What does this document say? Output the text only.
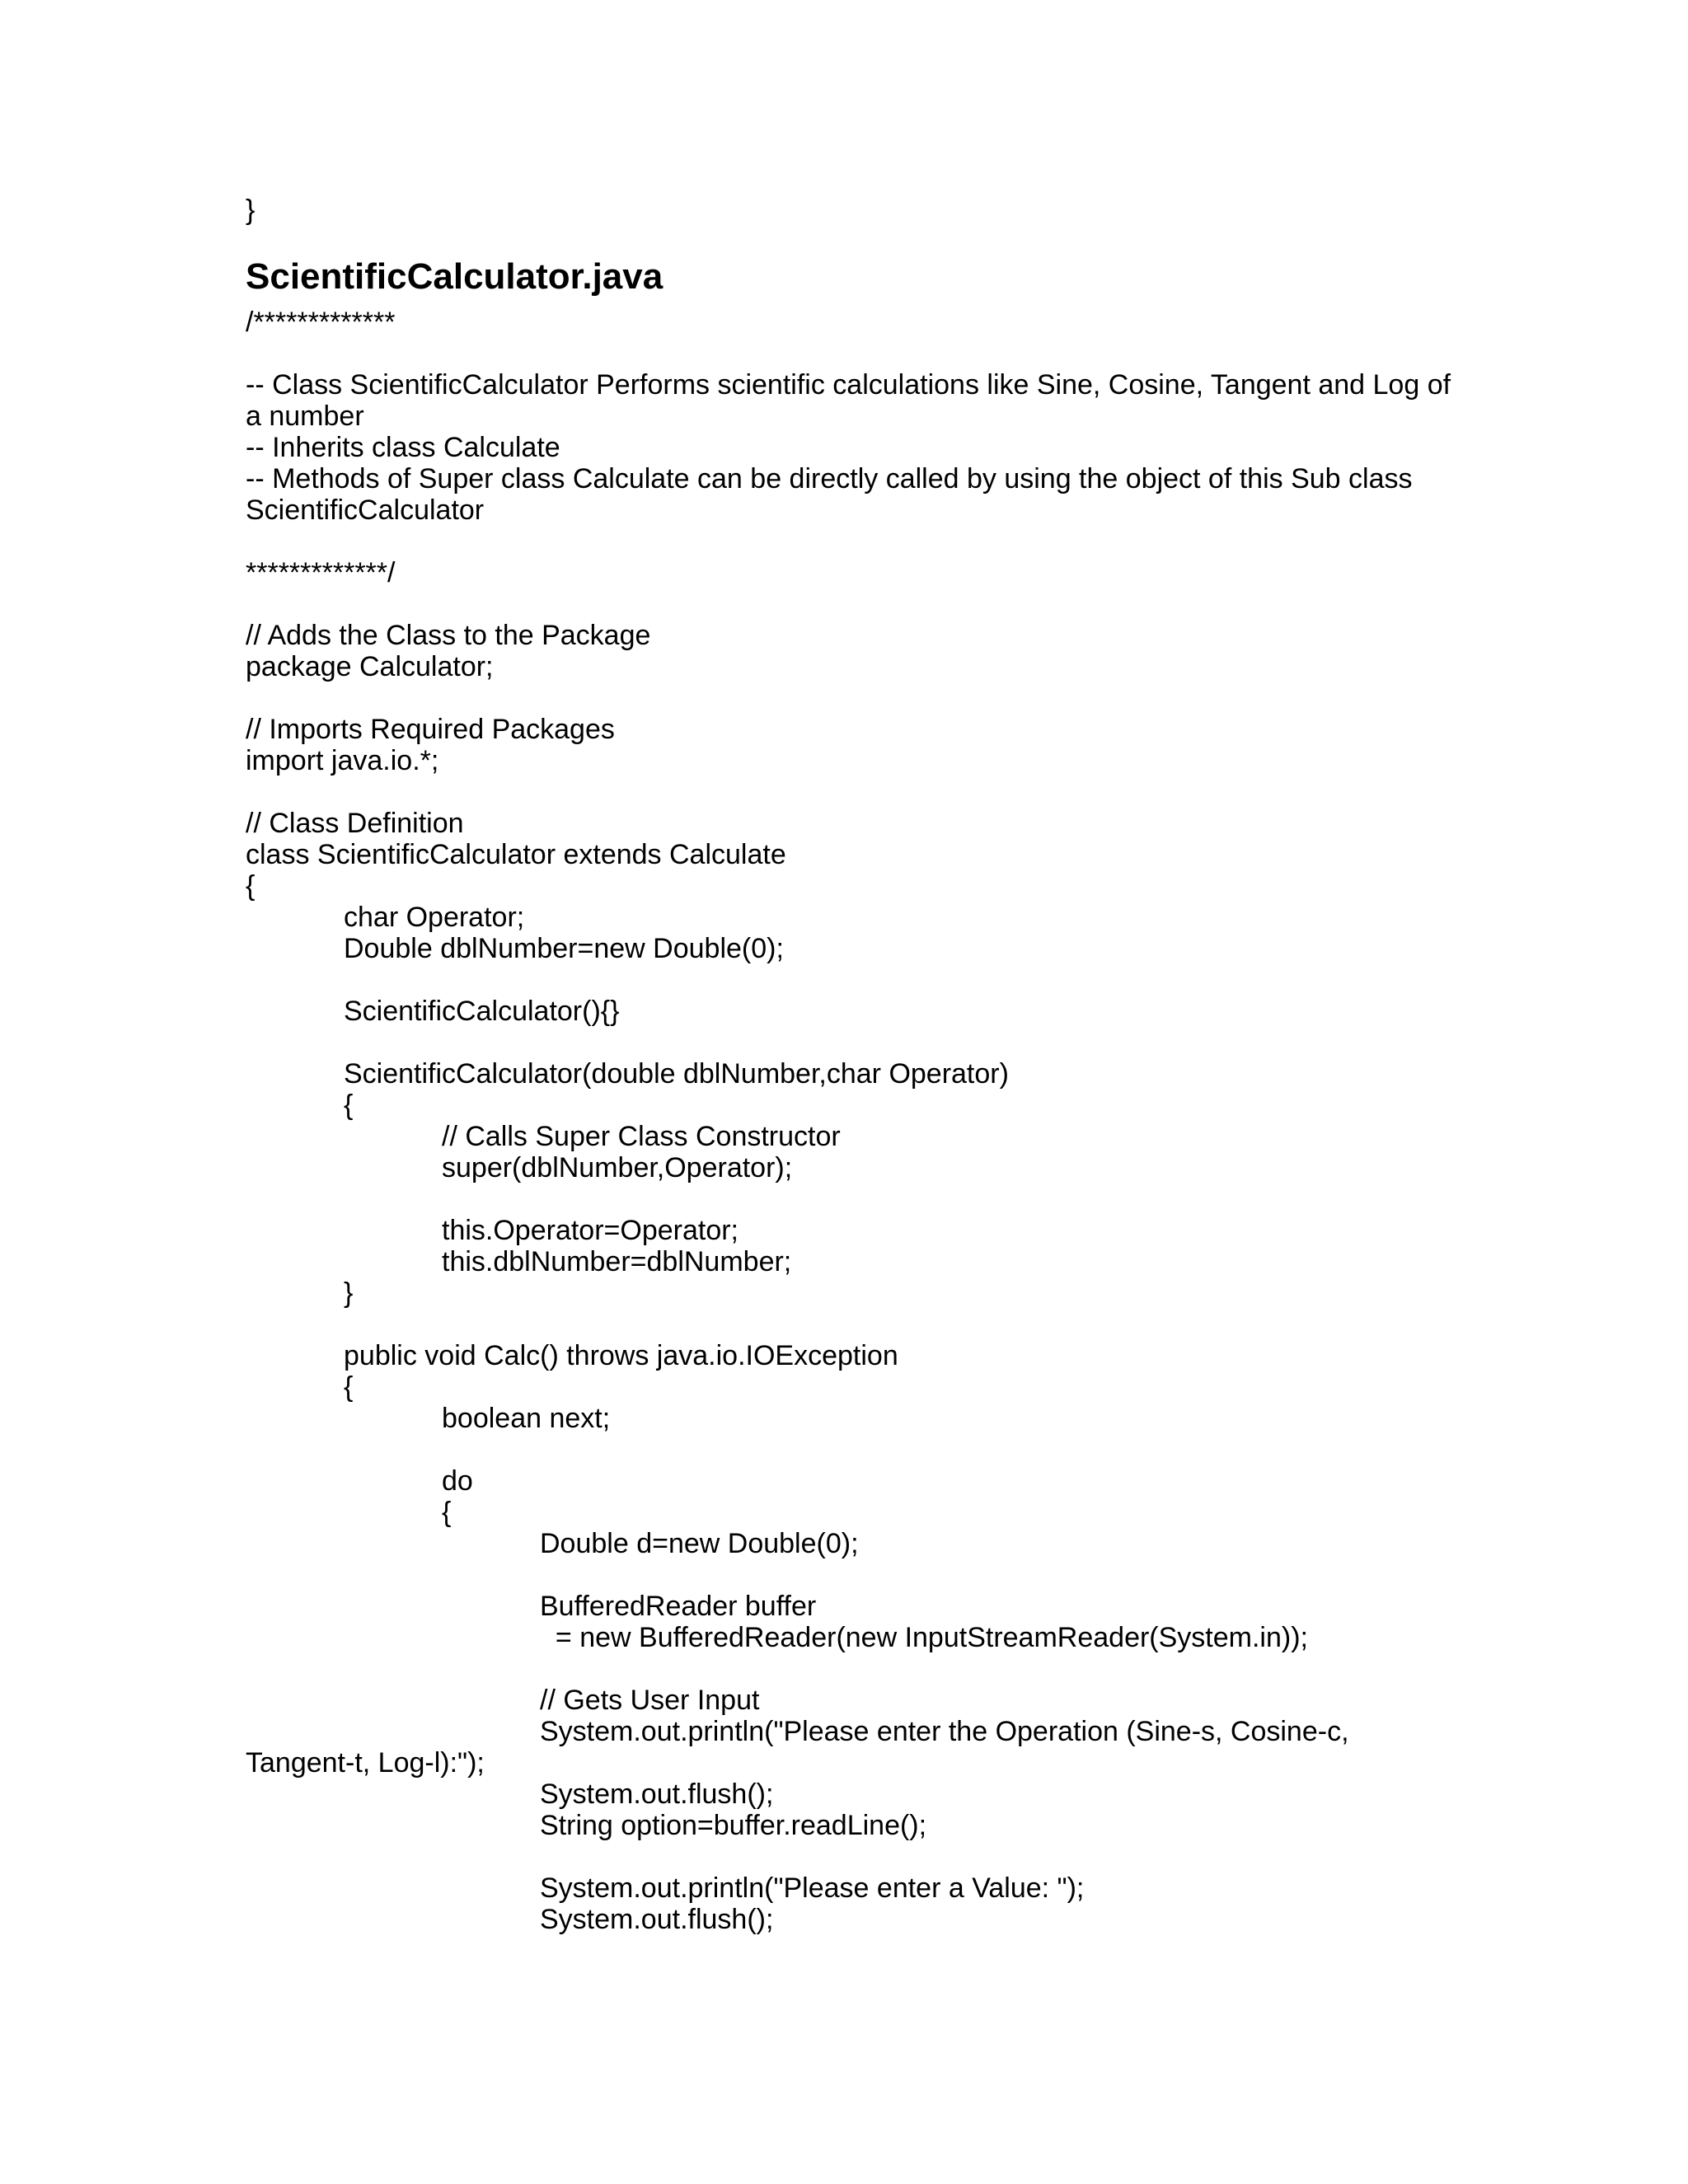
}

ScientificCalculator.java
/*************
-- Class ScientificCalculator Performs scientific calculations like Sine, Cosine, Tangent and Log of
a number
-- Inherits class Calculate
-- Methods of Super class Calculate can be directly called by using the object of this Sub class
ScientificCalculator
*************/
// Adds the Class to the Package
package Calculator;
// Imports Required Packages
import java.io.*;
// Class Definition
class ScientificCalculator extends Calculate
{
char Operator;
Double dblNumber=new Double(0);
ScientificCalculator(){}
ScientificCalculator(double dblNumber,char Operator)
{
// Calls Super Class Constructor
super(dblNumber,Operator);
this.Operator=Operator;
this.dblNumber=dblNumber;
}
public void Calc() throws java.io.IOException
{
boolean next;
do
{
Double d=new Double(0);
BufferedReader buffer
= new BufferedReader(new InputStreamReader(System.in));
// Gets User Input
System.out.println("Please enter the Operation (Sine-s, Cosine-c,
Tangent-t, Log-l):");
System.out.flush();
String option=buffer.readLine();
System.out.println("Please enter a Value: ");
System.out.flush();
